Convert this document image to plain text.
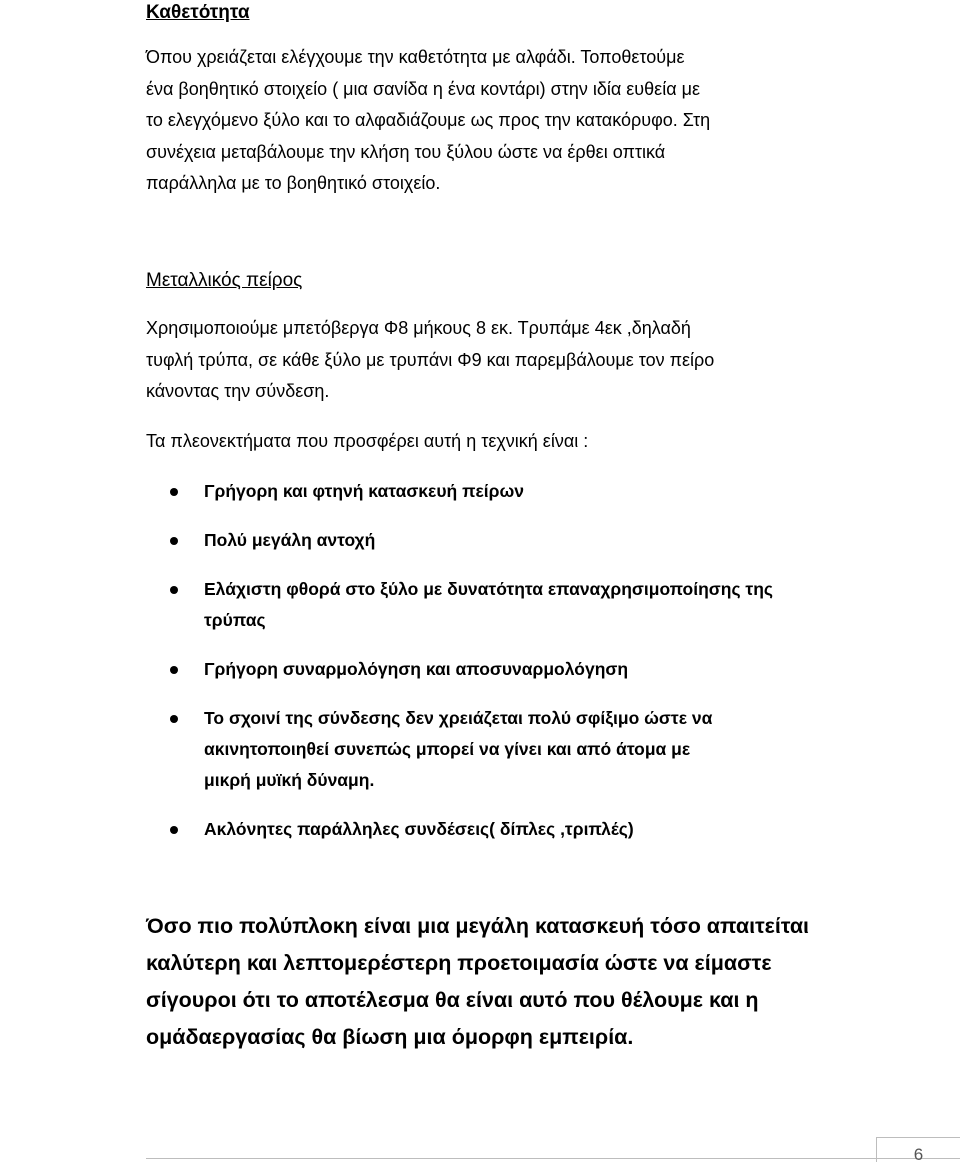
Καθετότητα
Όπου χρειάζεται ελέγχουμε την καθετότητα με αλφάδι. Τοποθετούμε
ένα βοηθητικό στοιχείο ( μια σανίδα η ένα κοντάρι) στην ιδία ευθεία με
το ελεγχόμενο ξύλο και το αλφαδιάζουμε ως προς την κατακόρυφο. Στη
συνέχεια μεταβάλουμε την κλήση του ξύλου ώστε να έρθει οπτικά
παράλληλα με το βοηθητικό στοιχείο.
Μεταλλικός πείρος
Χρησιμοποιούμε μπετόβεργα Φ8 μήκους 8 εκ. Τρυπάμε 4εκ ,δηλαδή
τυφλή τρύπα, σε κάθε ξύλο με τρυπάνι Φ9 και παρεμβάλουμε τον πείρο
κάνοντας την σύνδεση.
Τα πλεονεκτήματα που προσφέρει αυτή η τεχνική είναι :
Γρήγορη και φτηνή κατασκευή πείρων
Πολύ μεγάλη αντοχή
Ελάχιστη φθορά στο ξύλο με δυνατότητα επαναχρησιμοποίησης της τρύπας
Γρήγορη συναρμολόγηση και αποσυναρμολόγηση
Το σχοινί της σύνδεσης δεν χρειάζεται πολύ σφίξιμο ώστε να ακινητοποιηθεί συνεπώς μπορεί να γίνει και από άτομα με μικρή μυϊκή δύναμη.
Ακλόνητες παράλληλες συνδέσεις( δίπλες ,τριπλές)
Όσο πιο πολύπλοκη είναι μια μεγάλη κατασκευή τόσο απαιτείται καλύτερη και λεπτομερέστερη προετοιμασία ώστε να είμαστε σίγουροι ότι το αποτέλεσμα θα είναι αυτό που θέλουμε και η ομάδαεργασίας θα βίωση μια όμορφη εμπειρία.
6
